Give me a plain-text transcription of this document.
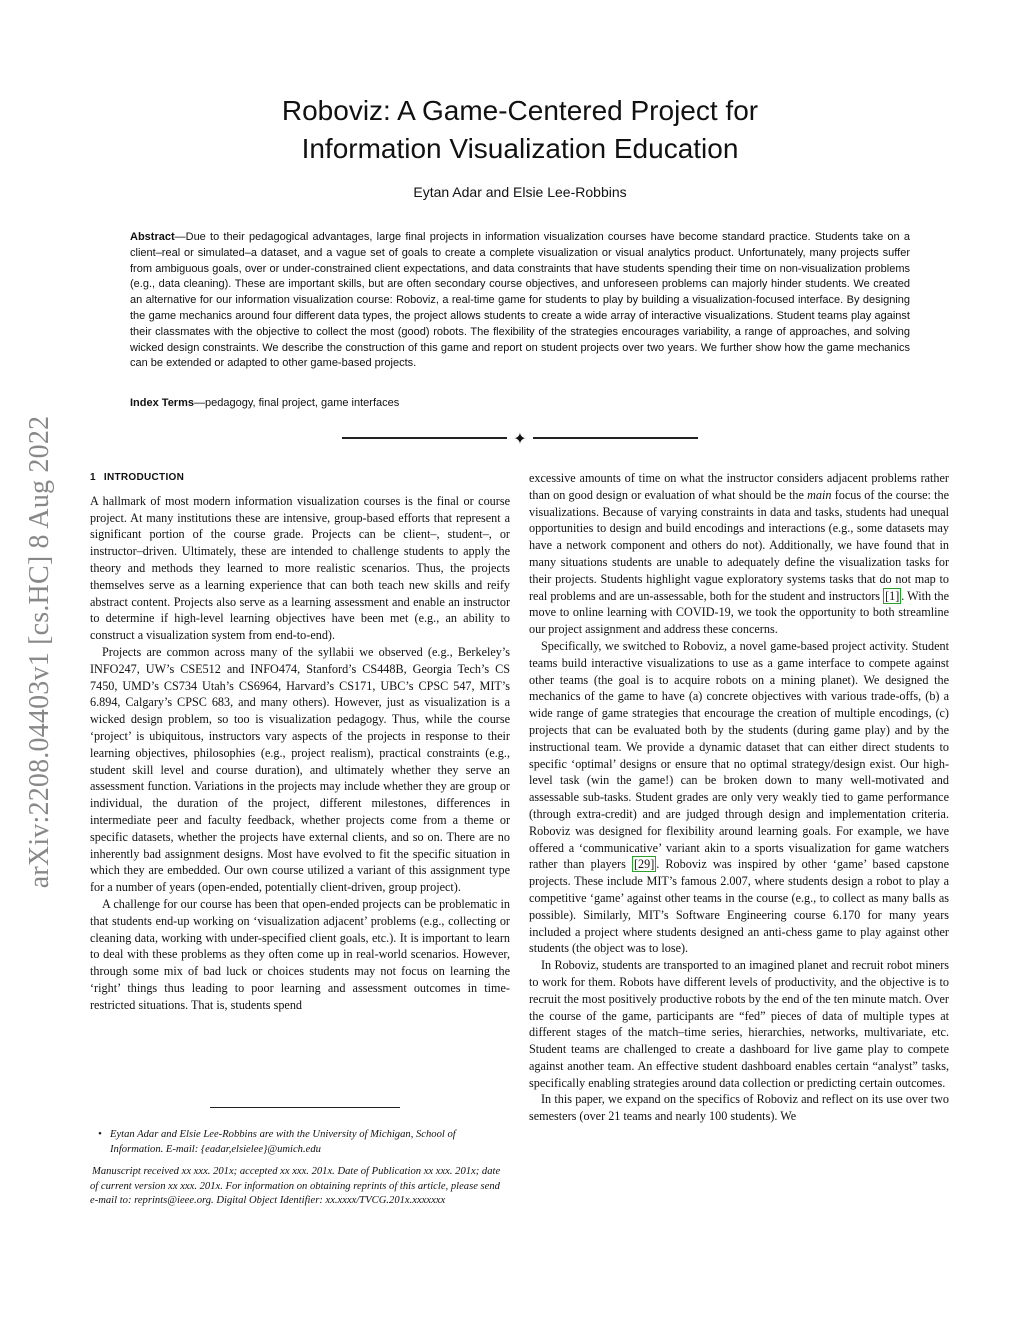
arXiv:2208.04403v1 [cs.HC] 8 Aug 2022
Roboviz: A Game-Centered Project for
Information Visualization Education
Eytan Adar and Elsie Lee-Robbins
Abstract—Due to their pedagogical advantages, large final projects in information visualization courses have become standard practice. Students take on a client–real or simulated–a dataset, and a vague set of goals to create a complete visualization or visual analytics product. Unfortunately, many projects suffer from ambiguous goals, over or under-constrained client expectations, and data constraints that have students spending their time on non-visualization problems (e.g., data cleaning). These are important skills, but are often secondary course objectives, and unforeseen problems can majorly hinder students. We created an alternative for our information visualization course: Roboviz, a real-time game for students to play by building a visualization-focused interface. By designing the game mechanics around four different data types, the project allows students to create a wide array of interactive visualizations. Student teams play against their classmates with the objective to collect the most (good) robots. The flexibility of the strategies encourages variability, a range of approaches, and solving wicked design constraints. We describe the construction of this game and report on student projects over two years. We further show how the game mechanics can be extended or adapted to other game-based projects.
Index Terms—pedagogy, final project, game interfaces
✦
1 INTRODUCTION

A hallmark of most modern information visualization courses is the final or course project. At many institutions these are intensive, group-based efforts that represent a significant portion of the course grade. Projects can be client–, student–, or instructor–driven. Ultimately, these are intended to challenge students to apply the theory and methods they learned to more realistic scenarios. Thus, the projects themselves serve as a learning experience that can both teach new skills and reify abstract content. Projects also serve as a learning assessment and enable an instructor to determine if high-level learning objectives have been met (e.g., an ability to construct a visualization system from end-to-end).

Projects are common across many of the syllabii we observed (e.g., Berkeley’s INFO247, UW’s CSE512 and INFO474, Stanford’s CS448B, Georgia Tech’s CS 7450, UMD’s CS734 Utah’s CS6964, Harvard’s CS171, UBC’s CPSC 547, MIT’s 6.894, Calgary’s CPSC 683, and many others). However, just as visualization is a wicked design problem, so too is visualization pedagogy. Thus, while the course ‘project’ is ubiquitous, instructors vary aspects of the projects in response to their learning objectives, philosophies (e.g., project realism), practical constraints (e.g., student skill level and course duration), and ultimately whether they serve an assessment function. Variations in the projects may include whether they are group or individual, the duration of the project, different milestones, differences in intermediate peer and faculty feedback, whether projects come from a theme or specific datasets, whether the projects have external clients, and so on. There are no inherently bad assignment designs. Most have evolved to fit the specific situation in which they are embedded. Our own course utilized a variant of this assignment type for a number of years (open-ended, potentially client-driven, group project).

A challenge for our course has been that open-ended projects can be problematic in that students end-up working on ‘visualization adjacent’ problems (e.g., collecting or cleaning data, working with under-specified client goals, etc.). It is important to learn to deal with these problems as they often come up in real-world scenarios. However, through some mix of bad luck or choices students may not focus on learning the ‘right’ things thus leading to poor learning and assessment outcomes in time-restricted situations. That is, students spend

excessive amounts of time on what the instructor considers adjacent problems rather than on good design or evaluation of what should be the main focus of the course: the visualizations. Because of varying constraints in data and tasks, students had unequal opportunities to design and build encodings and interactions (e.g., some datasets may have a network component and others do not). Additionally, we have found that in many situations students are unable to adequately define the visualization tasks for their projects. Students highlight vague exploratory systems tasks that do not map to real problems and are un-assessable, both for the student and instructors [1] . With the move to online learning with COVID-19, we took the opportunity to both streamline our project assignment and address these concerns.

Specifically, we switched to Roboviz, a novel game-based project activity. Student teams build interactive visualizations to use as a game interface to compete against other teams (the goal is to acquire robots on a mining planet). We designed the mechanics of the game to have (a) concrete objectives with various trade-offs, (b) a wide range of game strategies that encourage the creation of multiple encodings, (c) projects that can be evaluated both by the students (during game play) and by the instructional team. We provide a dynamic dataset that can either direct students to specific ‘optimal’ designs or ensure that no optimal strategy/design exist. Our high-level task (win the game!) can be broken down to many well-motivated and assessable sub-tasks. Student grades are only very weakly tied to game performance (through extra-credit) and are judged through design and implementation criteria. Roboviz was designed for flexibility around learning goals. For example, we have offered a ‘communicative’ variant akin to a sports visualization for game watchers rather than players [29] . Roboviz was inspired by other ‘game’ based capstone projects. These include MIT’s famous 2.007, where students design a robot to play a competitive ‘game’ against other teams in the course (e.g., to collect as many balls as possible). Similarly, MIT’s Software Engineering course 6.170 for many years included a project where students designed an anti-chess game to play against other students (the object was to lose).

In Roboviz, students are transported to an imagined planet and recruit robot miners to work for them. Robots have different levels of productivity, and the objective is to recruit the most positively productive robots by the end of the ten minute match. Over the course of the game, participants are “fed” pieces of data of multiple types at different stages of the match–time series, hierarchies, networks, multivariate, etc. Student teams are challenged to create a dashboard for live game play to compete against another team. An effective student dashboard enables certain “analyst” tasks, specifically enabling strategies around data collection or predicting certain outcomes.

In this paper, we expand on the specifics of Roboviz and reflect on its use over two semesters (over 21 teams and nearly 100 students). We

• Eytan Adar and Elsie Lee-Robbins are with the University of Michigan, School of Information. E-mail: {eadar,elsielee}@umich.edu
Manuscript received xx xxx. 201x; accepted xx xxx. 201x. Date of Publication xx xxx. 201x; date of current version xx xxx. 201x. For information on obtaining reprints of this article, please send e-mail to: reprints@ieee.org. Digital Object Identifier: xx.xxxx/TVCG.201x.xxxxxxx
